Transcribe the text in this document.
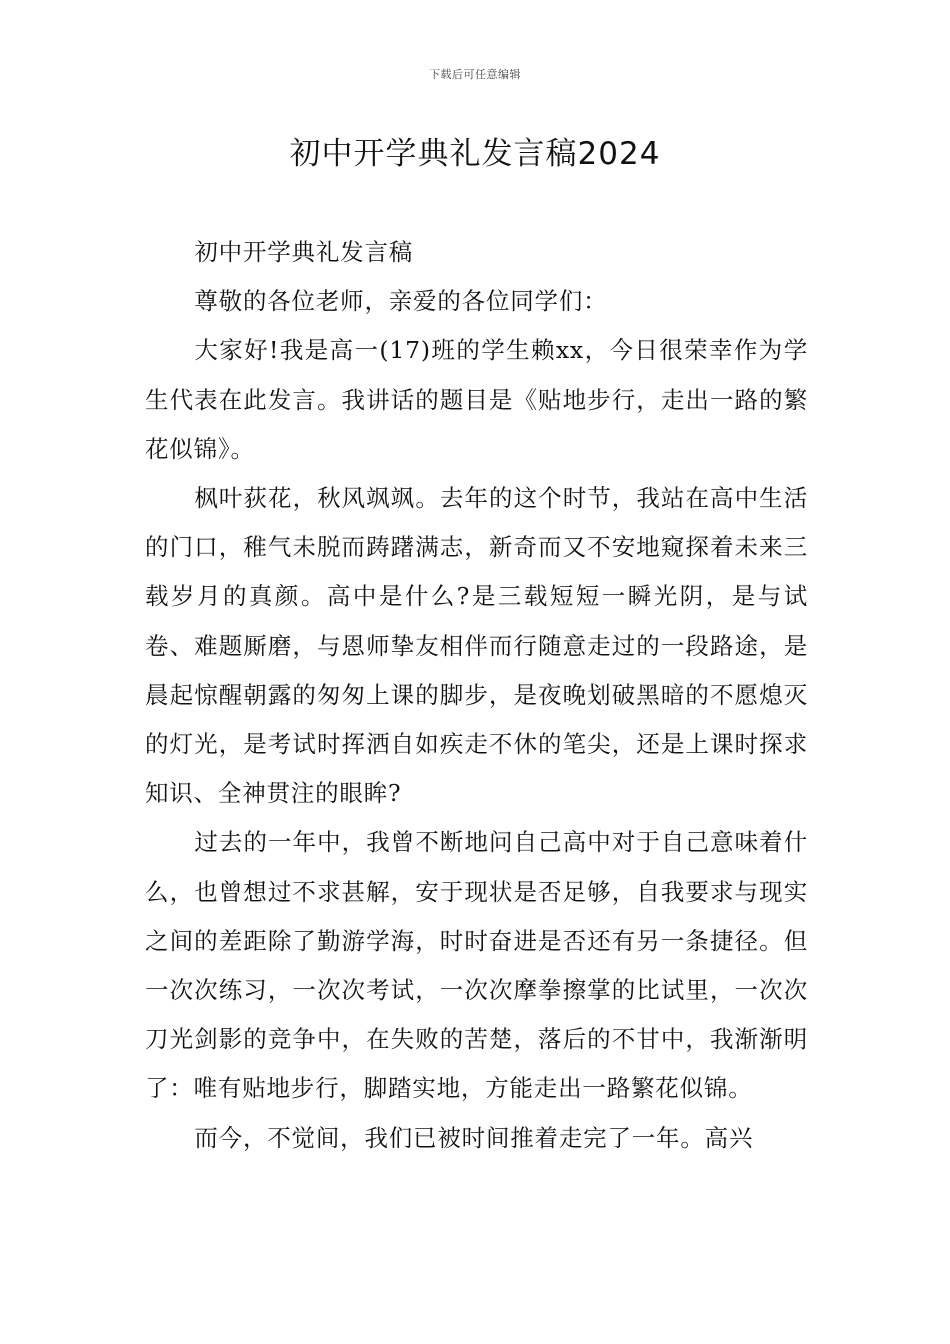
下载后可任意编辑
初中开学典礼发言稿2024

初中开学典礼发言稿

尊敬的各位老师，亲爱的各位同学们：

大家好!我是高一(17)班的学生赖xx，今日很荣幸作为学生代表在此发言。我讲话的题目是《贴地步行，走出一路的繁花似锦》。

枫叶荻花，秋风飒飒。去年的这个时节，我站在高中生活的门口，稚气未脱而踌躇满志，新奇而又不安地窥探着未来三载岁月的真颜。高中是什么?是三载短短一瞬光阴，是与试卷、难题厮磨，与恩师挚友相伴而行随意走过的一段路途，是晨起惊醒朝露的匆匆上课的脚步，是夜晚划破黑暗的不愿熄灭的灯光，是考试时挥洒自如疾走不休的笔尖，还是上课时探求知识、全神贯注的眼眸?

过去的一年中，我曾不断地问自己高中对于自己意味着什么，也曾想过不求甚解，安于现状是否足够，自我要求与现实之间的差距除了勤游学海，时时奋进是否还有另一条捷径。但一次次练习，一次次考试，一次次摩拳擦掌的比试里，一次次刀光剑影的竞争中，在失败的苦楚，落后的不甘中，我渐渐明了：唯有贴地步行，脚踏实地，方能走出一路繁花似锦。

而今，不觉间，我们已被时间推着走完了一年。高兴
